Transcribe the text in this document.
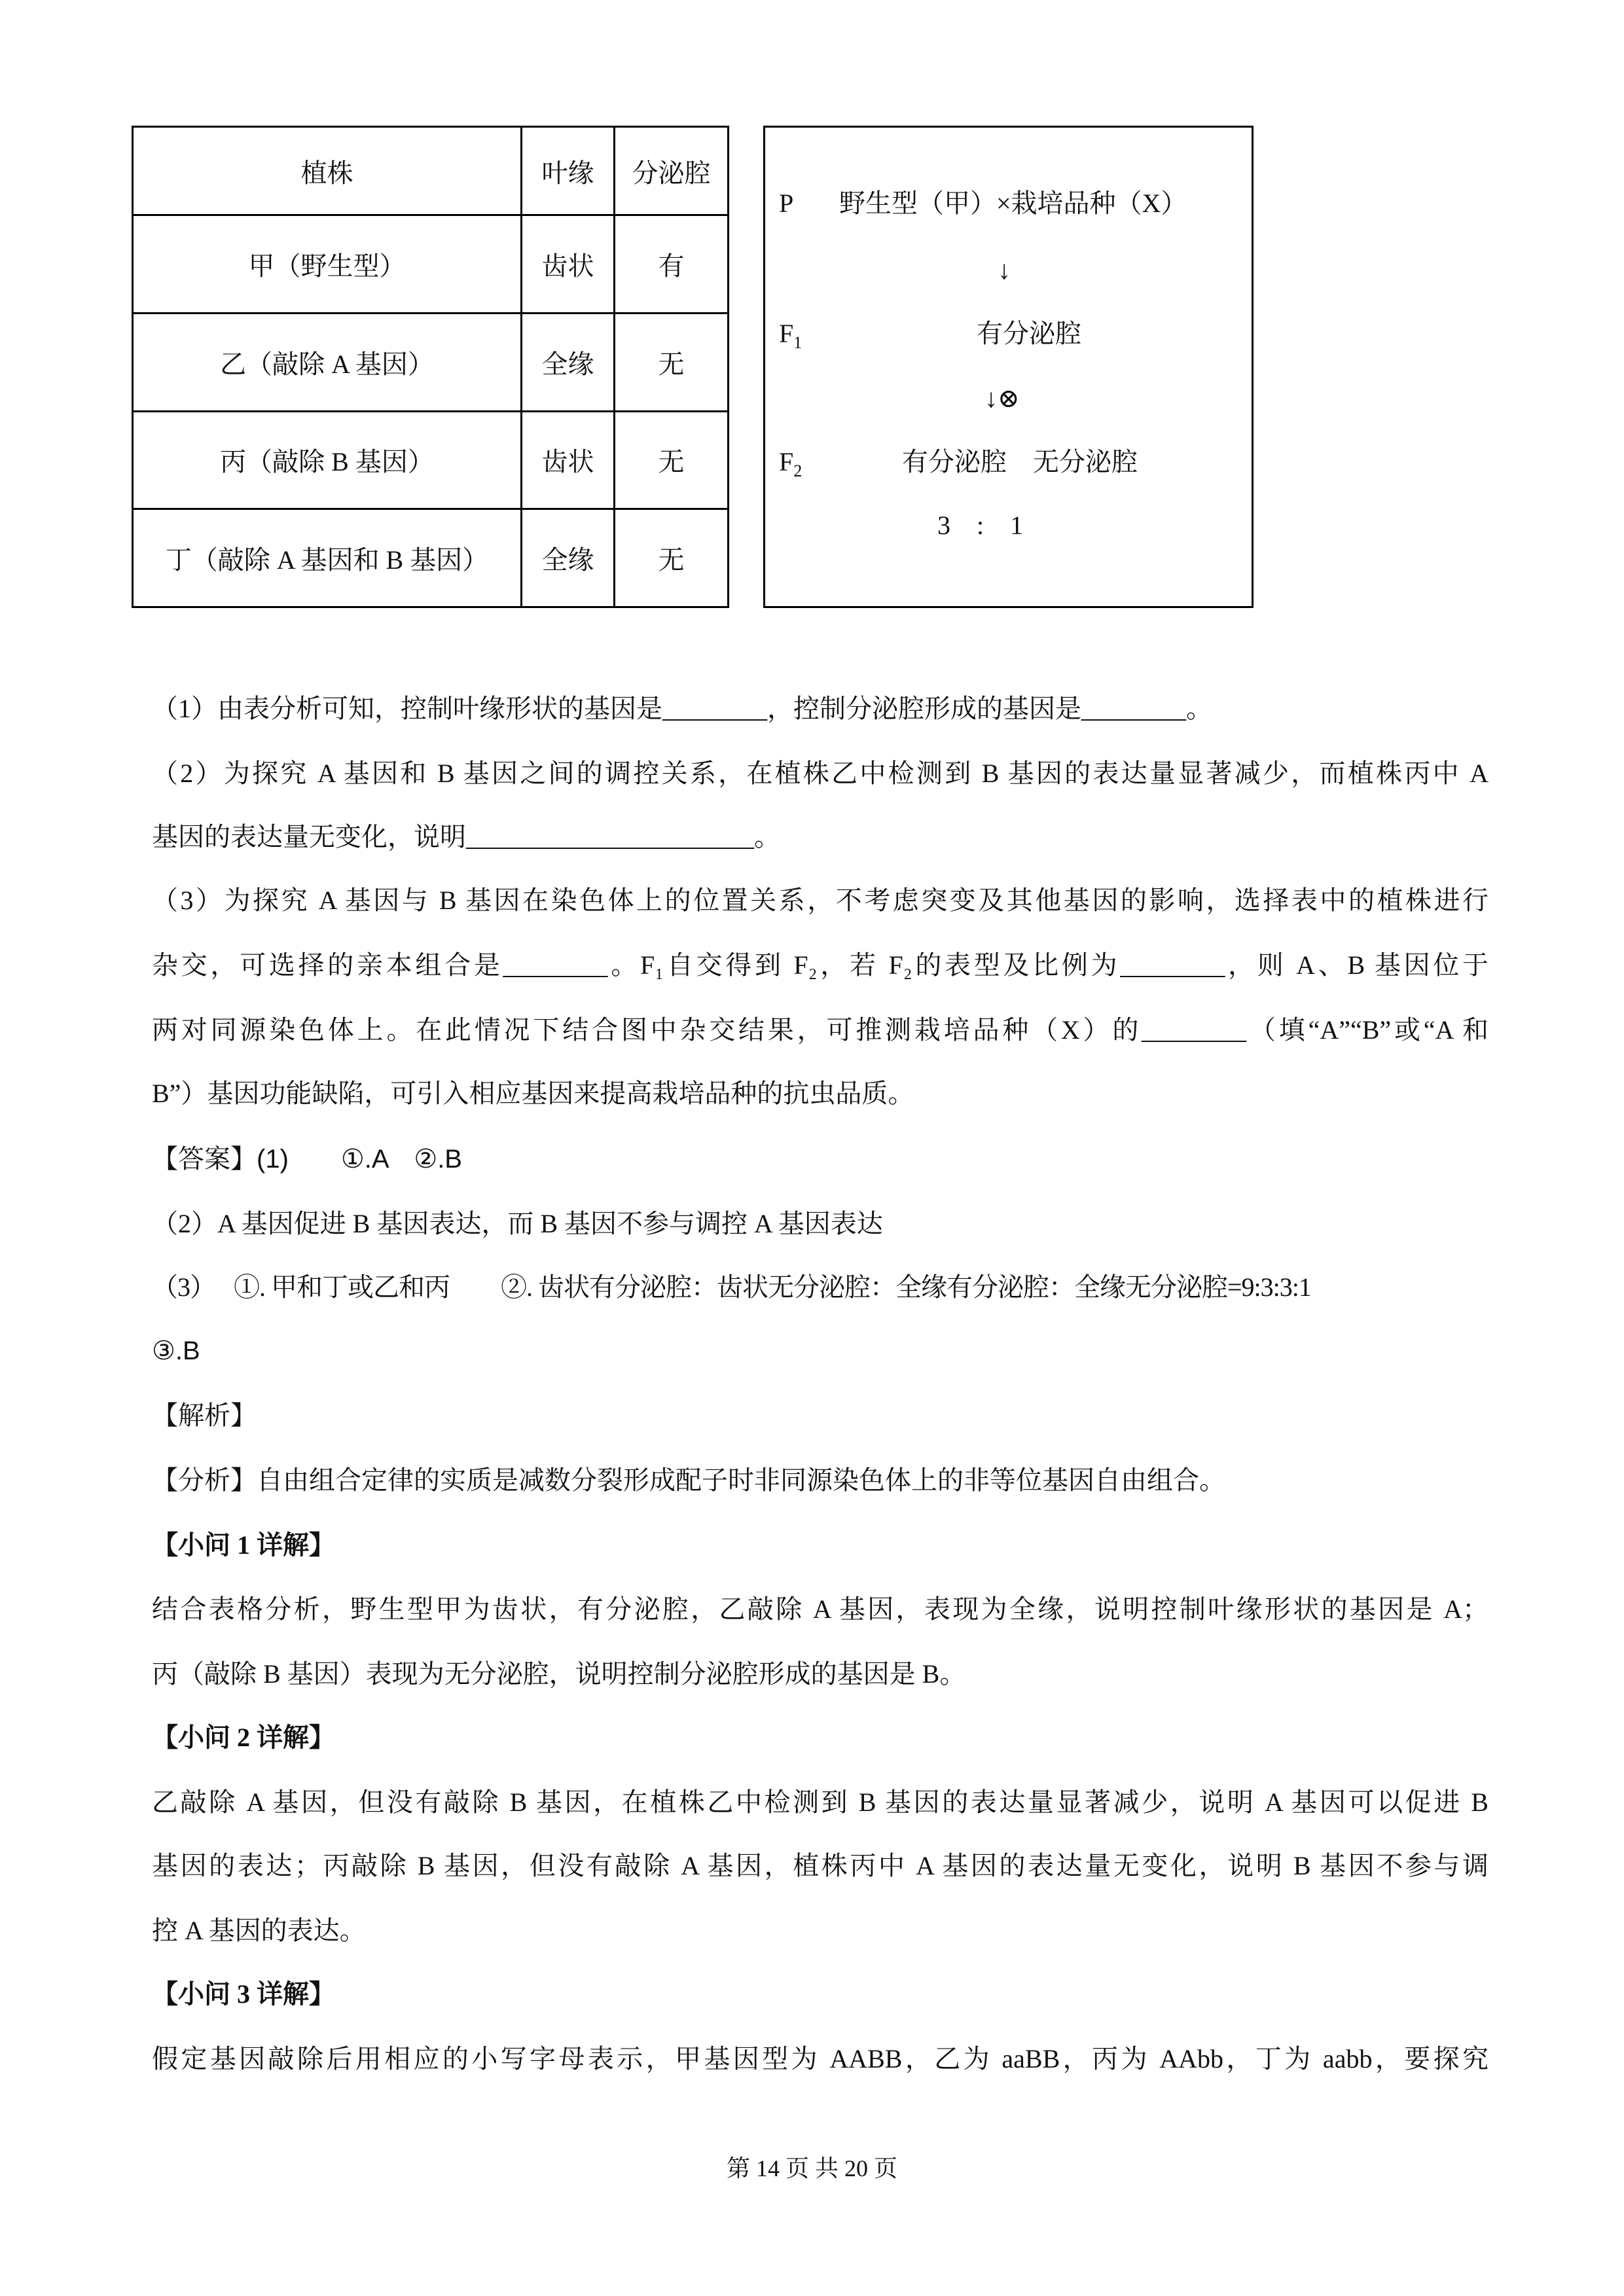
植株	叶缘	分泌腔
甲（野生型）	齿状	有
乙（敲除 A 基因）	全缘	无
丙（敲除 B 基因）	齿状	无
丁（敲除 A 基因和 B 基因）	全缘	无
P 野生型（甲）×栽培品种（X）
↓
$F_1$	有分泌腔
↓⊗
$F_2$	有分泌腔　无分泌腔
3　:　1
（1）由表分析可知，控制叶缘形状的基因是________，控制分泌腔形成的基因是________。
（2）为探究 A 基因和 B 基因之间的调控关系，在植株乙中检测到 B 基因的表达量显著减少，而植株丙中 A
基因的表达量无变化，说明______________________。
（3）为探究 A 基因与 B 基因在染色体上的位置关系，不考虑突变及其他基因的影响，选择表中的植株进行
杂交，可选择的亲本组合是________。F₁自交得到 F₂，若 F₂的表型及比例为________，则 A、B 基因位于
两对同源染色体上。在此情况下结合图中杂交结果，可推测栽培品种（X）的________（填“A”“B”或“A 和
B”）基因功能缺陷，可引入相应基因来提高栽培品种的抗虫品质。
【答案】(1)　　①.A　②.B
（2）A 基因促进 B 基因表达，而 B 基因不参与调控 A 基因表达
（3）　 ①. 甲和丁或乙和丙　　②. 齿状有分泌腔：齿状无分泌腔：全缘有分泌腔：全缘无分泌腔=9:3:3:1
③.B
【解析】
【分析】自由组合定律的实质是减数分裂形成配子时非同源染色体上的非等位基因自由组合。
【小问 1 详解】
结合表格分析，野生型甲为齿状，有分泌腔，乙敲除 A 基因，表现为全缘，说明控制叶缘形状的基因是 A；
丙（敲除 B 基因）表现为无分泌腔，说明控制分泌腔形成的基因是 B。
【小问 2 详解】
乙敲除 A 基因，但没有敲除 B 基因，在植株乙中检测到 B 基因的表达量显著减少，说明 A 基因可以促进 B
基因的表达；丙敲除 B 基因，但没有敲除 A 基因，植株丙中 A 基因的表达量无变化，说明 B 基因不参与调
控 A 基因的表达。
【小问 3 详解】
假定基因敲除后用相应的小写字母表示，甲基因型为 AABB，乙为 aaBB，丙为 AAbb，丁为 aabb，要探究
第 14 页 共 20 页
